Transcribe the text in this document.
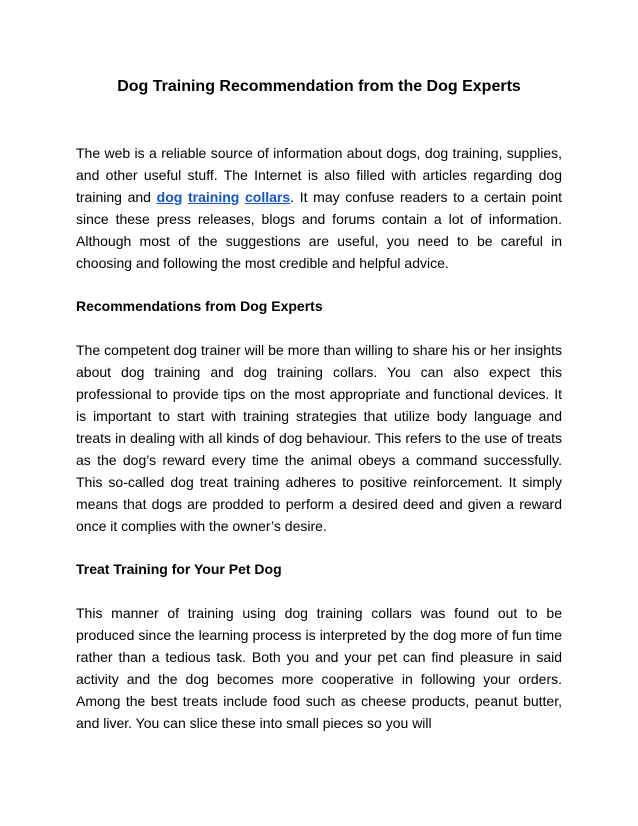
Dog Training Recommendation from the Dog Experts

The web is a reliable source of information about dogs, dog training, supplies, and other useful stuff. The Internet is also filled with articles regarding dog training and dog training collars. It may confuse readers to a certain point since these press releases, blogs and forums contain a lot of information. Although most of the suggestions are useful, you need to be careful in choosing and following the most credible and helpful advice.

Recommendations from Dog Experts

The competent dog trainer will be more than willing to share his or her insights about dog training and dog training collars. You can also expect this professional to provide tips on the most appropriate and functional devices. It is important to start with training strategies that utilize body language and treats in dealing with all kinds of dog behaviour. This refers to the use of treats as the dog’s reward every time the animal obeys a command successfully. This so-called dog treat training adheres to positive reinforcement. It simply means that dogs are prodded to perform a desired deed and given a reward once it complies with the owner’s desire.

Treat Training for Your Pet Dog

This manner of training using dog training collars was found out to be produced since the learning process is interpreted by the dog more of fun time rather than a tedious task. Both you and your pet can find pleasure in said activity and the dog becomes more cooperative in following your orders. Among the best treats include food such as cheese products, peanut butter, and liver. You can slice these into small pieces so you will
